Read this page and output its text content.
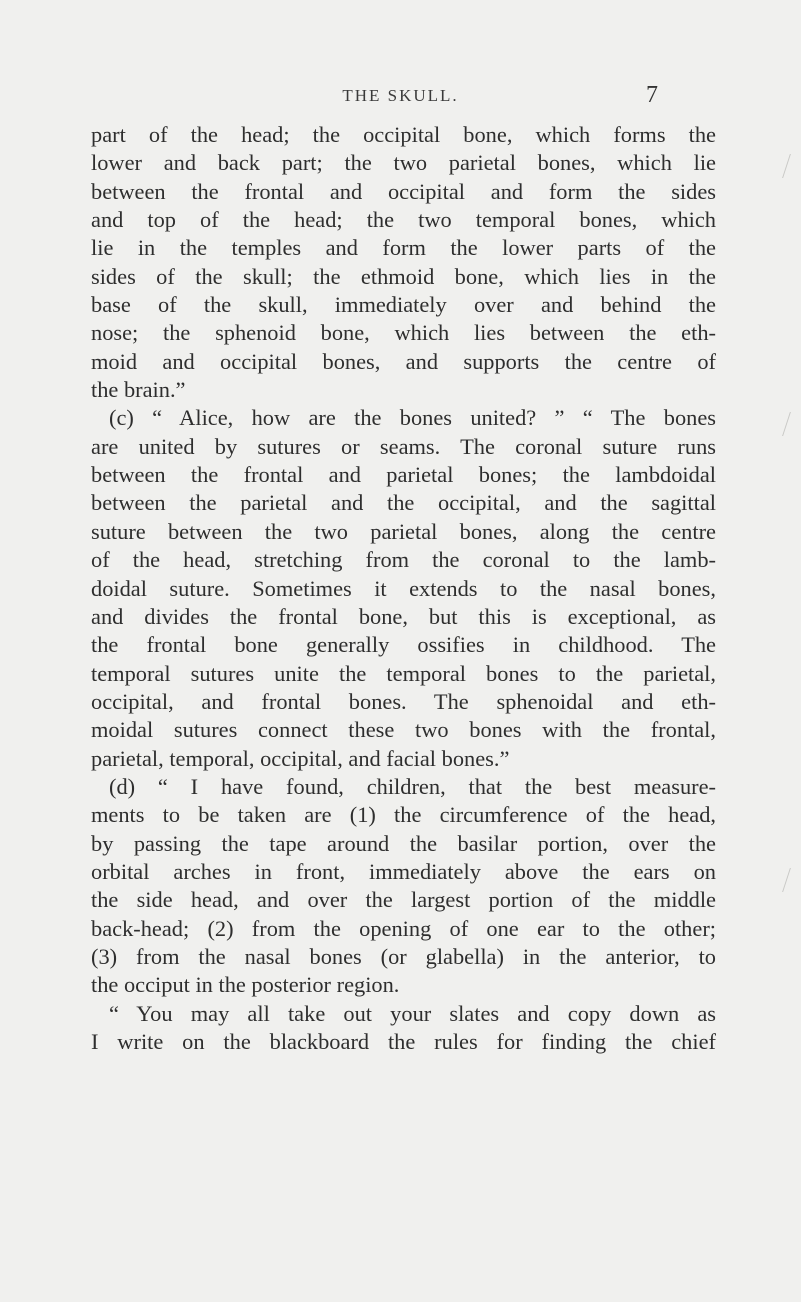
THE SKULL.	7
part of the head; the occipital bone, which forms the
lower and back part; the two parietal bones, which lie
between the frontal and occipital and form the sides
and top of the head; the two temporal bones, which
lie in the temples and form the lower parts of the
sides of the skull; the ethmoid bone, which lies in the
base of the skull, immediately over and behind the
nose; the sphenoid bone, which lies between the eth-
moid and occipital bones, and supports the centre of
the brain.”
(c) “ Alice, how are the bones united? ” “ The bones
are united by sutures or seams. The coronal suture runs
between the frontal and parietal bones; the lambdoidal
between the parietal and the occipital, and the sagittal
suture between the two parietal bones, along the centre
of the head, stretching from the coronal to the lamb-
doidal suture. Sometimes it extends to the nasal bones,
and divides the frontal bone, but this is exceptional, as
the frontal bone generally ossifies in childhood. The
temporal sutures unite the temporal bones to the parietal,
occipital, and frontal bones. The sphenoidal and eth-
moidal sutures connect these two bones with the frontal,
parietal, temporal, occipital, and facial bones.”
(d) “ I have found, children, that the best measure-
ments to be taken are (1) the circumference of the head,
by passing the tape around the basilar portion, over the
orbital arches in front, immediately above the ears on
the side head, and over the largest portion of the middle
back-head; (2) from the opening of one ear to the other;
(3) from the nasal bones (or glabella) in the anterior, to
the occiput in the posterior region.
“ You may all take out your slates and copy down as
I write on the blackboard the rules for finding the chief
